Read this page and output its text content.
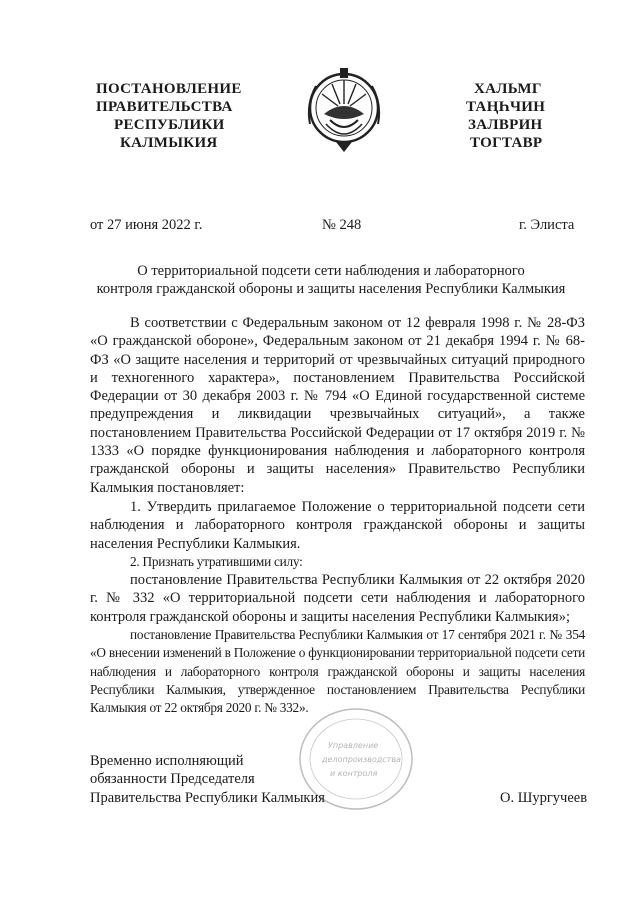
ПОСТАНОВЛЕНИЕ
ПРАВИТЕЛЬСТВА
РЕСПУБЛИКИ
КАЛМЫКИЯ
ХАЛЬМГ
ТАҢҺЧИН
ЗАЛВРИН
ТОГТАВР
от 27 июня 2022 г.	№ 248	г. Элиста
О территориальной подсети сети наблюдения и лабораторного
контроля гражданской обороны и защиты населения Республики Калмыкия

В соответствии с Федеральным законом от 12 февраля 1998 г. № 28-ФЗ «О гражданской обороне», Федеральным законом от 21 декабря 1994 г. № 68-ФЗ «О защите населения и территорий от чрезвычайных ситуаций природного и техногенного характера», постановлением Правительства Российской Федерации от 30 декабря 2003 г. № 794 «О Единой государственной системе предупреждения и ликвидации чрезвычайных ситуаций», а также постановлением Правительства Российской Федерации от 17 октября 2019 г. № 1333 «О порядке функционирования наблюдения и лабораторного контроля гражданской обороны и защиты населения» Правительство Республики Калмыкия постановляет:

1. Утвердить прилагаемое Положение о территориальной подсети сети наблюдения и лабораторного контроля гражданской обороны и защиты населения Республики Калмыкия.

2. Признать утратившими силу:

постановление Правительства Республики Калмыкия от 22 октября 2020 г. № 332 «О территориальной подсети сети наблюдения и лабораторного контроля гражданской обороны и защиты населения Республики Калмыкия»;

постановление Правительства Республики Калмыкия от 17 сентября 2021 г. № 354 «О внесении изменений в Положение о функционировании территориальной подсети сети наблюдения и лабораторного контроля гражданской обороны и защиты населения Республики Калмыкия, утвержденное постановлением Правительства Республики Калмыкия от 22 октября 2020 г. № 332».

Управление
делопроизводства
и контроля
Временно исполняющий
обязанности Председателя
Правительства Республики Калмыкия	О. Шургучеев
